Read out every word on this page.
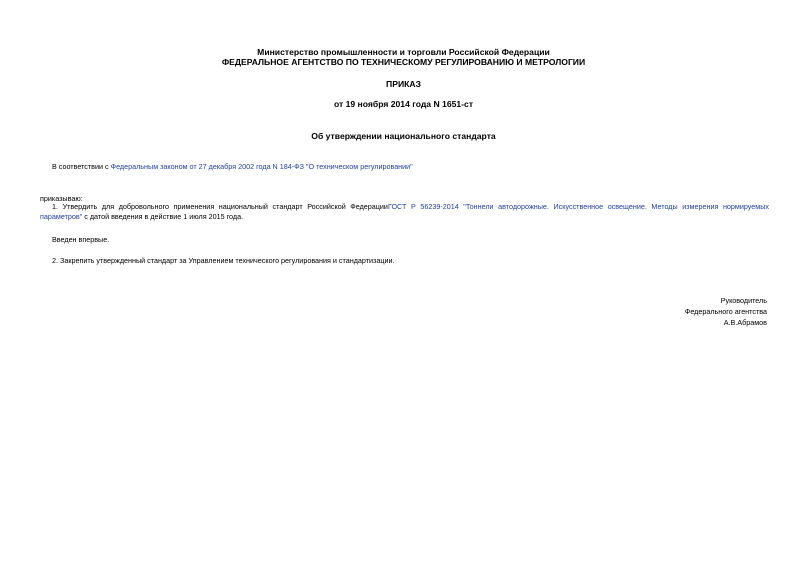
Министерство промышленности и торговли Российской Федерации
ФЕДЕРАЛЬНОЕ АГЕНТСТВО ПО ТЕХНИЧЕСКОМУ РЕГУЛИРОВАНИЮ И МЕТРОЛОГИИ
ПРИКАЗ
от 19 ноября 2014 года N 1651-ст
Об утверждении национального стандарта
В соответствии с Федеральным законом от 27 декабря 2002 года N 184-ФЗ "О техническом регулировании"
приказываю:
1. Утвердить для добровольного применения национальный стандарт Российской ФедерацииГОСТ Р 56239-2014 "Тоннели автодорожные. Искусственное освещение. Методы измерения нормируемых
параметров" с датой введения в действие 1 июля 2015 года.
Введен впервые.
2. Закрепить утвержденный стандарт за Управлением технического регулирования и стандартизации.
Руководитель
Федерального агентства
А.В.Абрамов
